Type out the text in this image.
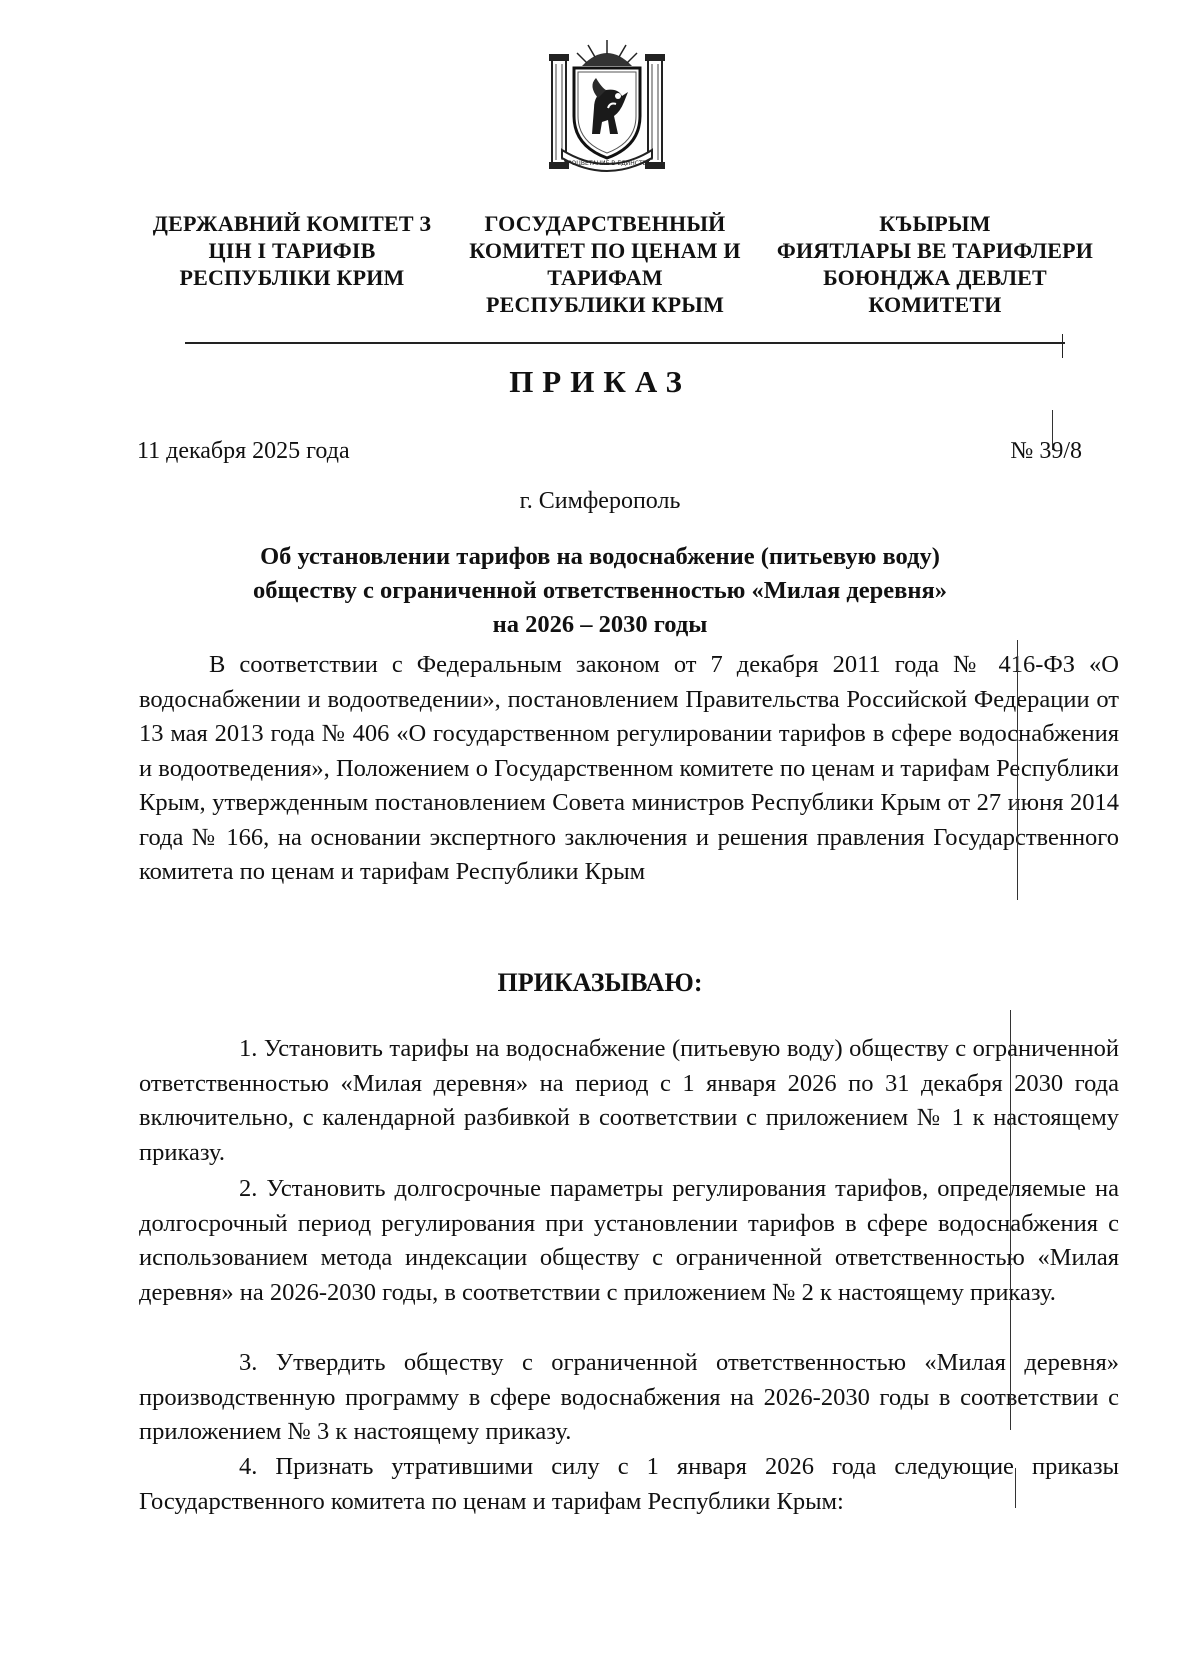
ПРОЦВЕТАНИЕ В ЕДИНСТВЕ
ДЕРЖАВНИЙ КОМІТЕТ З
ЦІН І ТАРИФІВ
РЕСПУБЛІКИ КРИМ
ГОСУДАРСТВЕННЫЙ
КОМИТЕТ ПО ЦЕНАМ И
ТАРИФАМ
РЕСПУБЛИКИ КРЫМ
КЪЫРЫМ
ФИЯТЛАРЫ ВЕ ТАРИФЛЕРИ
БОЮНДЖА ДЕВЛЕТ
КОМИТЕТИ
ПРИКАЗ
11 декабря 2025 года	№ 39/8
г. Симферополь
Об установлении тарифов на водоснабжение (питьевую воду)
обществу с ограниченной ответственностью «Милая деревня»
на 2026 – 2030 годы
В соответствии с Федеральным законом от 7 декабря 2011 года № 416-ФЗ «О водоснабжении и водоотведении», постановлением Правительства Российской Федерации от 13 мая 2013 года № 406 «О государственном регулировании тарифов в сфере водоснабжения и водоотведения», Положением о Государственном комитете по ценам и тарифам Республики Крым, утвержденным постановлением Совета министров Республики Крым от 27 июня 2014 года № 166, на основании экспертного заключения и решения правления Государственного комитета по ценам и тарифам Республики Крым
ПРИКАЗЫВАЮ:
1. Установить тарифы на водоснабжение (питьевую воду) обществу с ограниченной ответственностью «Милая деревня» на период с 1 января 2026 по 31 декабря 2030 года включительно, с календарной разбивкой в соответствии с приложением № 1 к настоящему приказу.
2. Установить долгосрочные параметры регулирования тарифов, определяемые на долгосрочный период регулирования при установлении тарифов в сфере водоснабжения с использованием метода индексации обществу с ограниченной ответственностью «Милая деревня» на 2026-2030 годы, в соответствии с приложением № 2 к настоящему приказу.
3. Утвердить обществу с ограниченной ответственностью «Милая деревня» производственную программу в сфере водоснабжения на 2026-2030 годы в соответствии с приложением № 3 к настоящему приказу.
4. Признать утратившими силу с 1 января 2026 года следующие приказы Государственного комитета по ценам и тарифам Республики Крым:
